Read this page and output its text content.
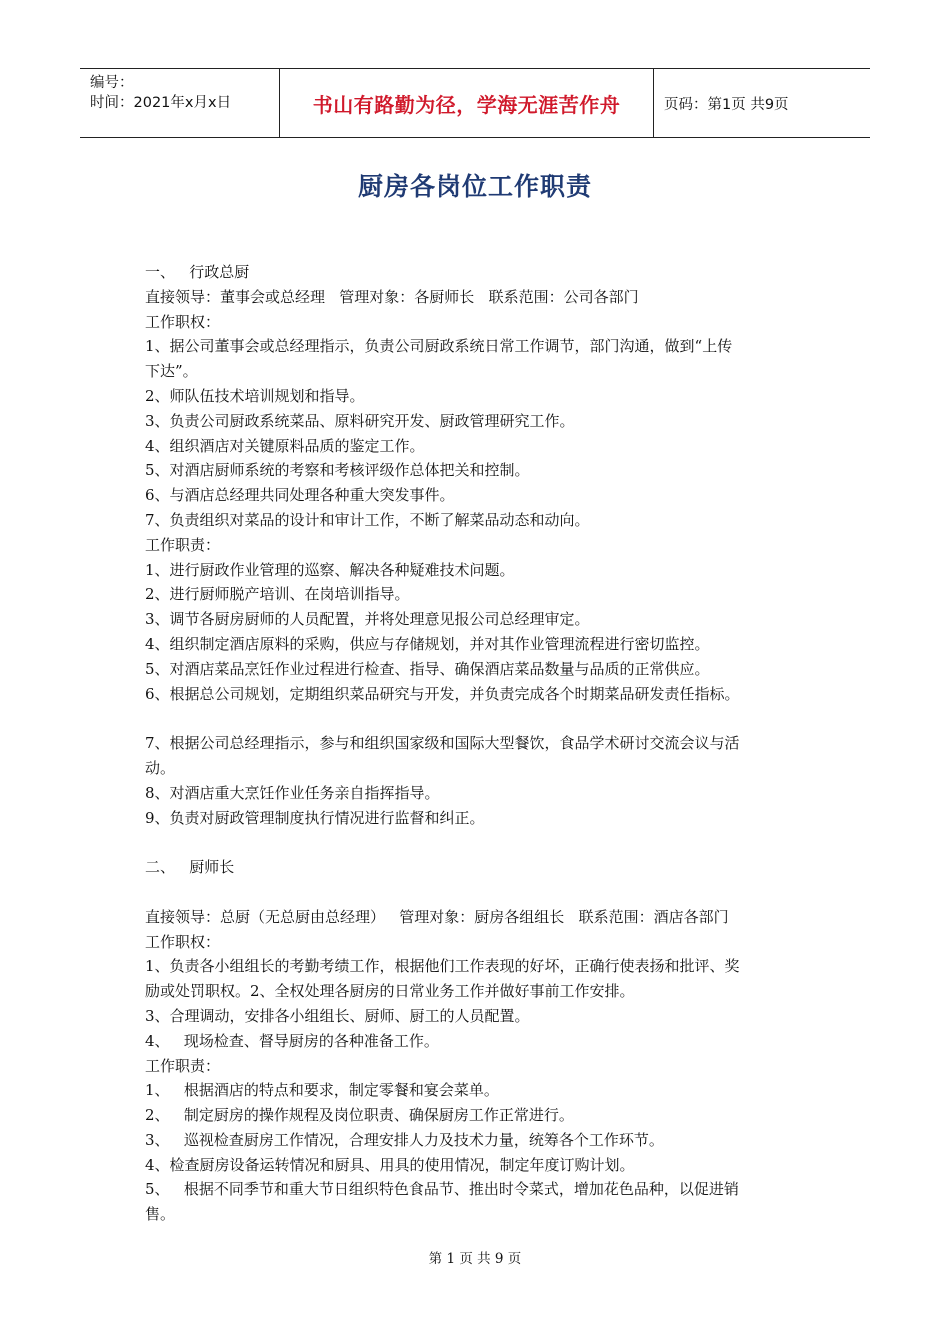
编号：
时间：2021年x月x日	书山有路勤为径，学海无涯苦作舟	页码：第1页 共9页
厨房各岗位工作职责
一、   行政总厨
直接领导：董事会或总经理   管理对象：各厨师长   联系范围：公司各部门
工作职权：
1、据公司董事会或总经理指示，负责公司厨政系统日常工作调节，部门沟通，做到“上传
下达”。
2、师队伍技术培训规划和指导。
3、负责公司厨政系统菜品、原料研究开发、厨政管理研究工作。
4、组织酒店对关键原料品质的鉴定工作。
5、对酒店厨师系统的考察和考核评级作总体把关和控制。
6、与酒店总经理共同处理各种重大突发事件。
7、负责组织对菜品的设计和审计工作，不断了解菜品动态和动向。
工作职责：
1、进行厨政作业管理的巡察、解决各种疑难技术问题。
2、进行厨师脱产培训、在岗培训指导。
3、调节各厨房厨师的人员配置，并将处理意见报公司总经理审定。
4、组织制定酒店原料的采购，供应与存储规划，并对其作业管理流程进行密切监控。
5、对酒店菜品烹饪作业过程进行检查、指导、确保酒店菜品数量与品质的正常供应。
6、根据总公司规划，定期组织菜品研究与开发，并负责完成各个时期菜品研发责任指标。
7、根据公司总经理指示，参与和组织国家级和国际大型餐饮，食品学术研讨交流会议与活
动。
8、对酒店重大烹饪作业任务亲自指挥指导。
9、负责对厨政管理制度执行情况进行监督和纠正。
二、   厨师长
直接领导：总厨（无总厨由总经理）   管理对象：厨房各组组长   联系范围：酒店各部门
工作职权：
1、负责各小组组长的考勤考绩工作，根据他们工作表现的好坏，正确行使表扬和批评、奖
励或处罚职权。2、全权处理各厨房的日常业务工作并做好事前工作安排。
3、合理调动，安排各小组组长、厨师、厨工的人员配置。
4、   现场检查、督导厨房的各种准备工作。
工作职责：
1、   根据酒店的特点和要求，制定零餐和宴会菜单。
2、   制定厨房的操作规程及岗位职责、确保厨房工作正常进行。
3、   巡视检查厨房工作情况，合理安排人力及技术力量，统筹各个工作环节。
4、检查厨房设备运转情况和厨具、用具的使用情况，制定年度订购计划。
5、   根据不同季节和重大节日组织特色食品节、推出时令菜式，增加花色品种，以促进销
售。
第 1 页 共 9 页
